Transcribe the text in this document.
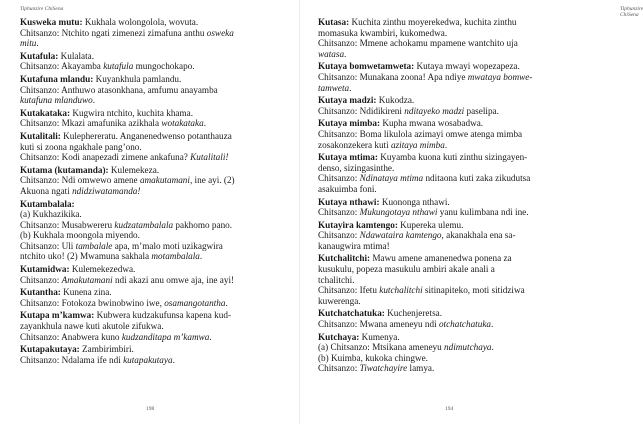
Tiphunzire ChiSena
Kusweka mutu: Kukhala wolongolola, wovuta.
Chitsanzo: Ntchito ngati zimenezi zimafuna anthu osweka
mitu.
Kutafula: Kulalata.
Chitsanzo: Akayamba kutafula mungochokapo.
Kutafuna mlandu: Kuyankhula pamlandu.
Chitsanzo: Anthuwo atasonkhana, amfumu anayamba
kutafuna mlanduwo.
Kutakataka: Kugwira ntchito, kuchita khama.
Chitsanzo: Mkazi amafunika azikhala wotakataka.
Kutalitali: Kulephereratu. Anganenedwenso potanthauza
kuti si zoona ngakhale pang’ono.
Chitsanzo: Kodi anapezadi zimene ankafuna? Kutalitali!
Kutama (kutamanda): Kulemekeza.
Chitsanzo: Ndi omwewo amene amakutamani, ine ayi. (2)
Akuona ngati ndidziwatamanda!
Kutambalala:
(a) Kukhazikika.
Chitsanzo: Musabwereru kudzatambalala pakhomo pano.
(b) Kukhala moongola miyendo.
Chitsanzo: Uli tambalale apa, m’malo moti uzikagwira
ntchito uko! (2) Mwamuna sakhala motambalala.
Kutamidwa: Kulemekezedwa.
Chitsanzo: Amakutamani ndi akazi anu omwe aja, ine ayi!
Kutantha: Kunena zina.
Chitsanzo: Fotokoza bwinobwino iwe, osamangotantha.
Kutapa m’kamwa: Kubwera kudzakufunsa kapena kud-
zayankhula nawe kuti akutole zifukwa.
Chitsanzo: Anabwera kuno kudzanditapa m’kamwa.
Kutapakutaya: Zambirimbiri.
Chitsanzo: Ndalama ife ndi kutapakutaya.
198
Tiphunzire ChiSena
Kutasa: Kuchita zinthu moyerekedwa, kuchita zinthu
momasuka kwambiri, kukomedwa.
Chitsanzo: Mmene achokamu mpamene wantchito uja
watasa.
Kutaya bomwetamweta: Kutaya mwayi wopezapeza.
Chitsanzo: Munakana zoona! Apa ndiye mwataya bomwe-
tamweta.
Kutaya madzi: Kukodza.
Chitsanzo: Ndidikireni nditayeko madzi paselipa.
Kutaya mimba: Kupha mwana wosabadwa.
Chitsanzo: Boma likulola azimayi omwe atenga mimba
zosakonzekera kuti azitaya mimba.
Kutaya mtima: Kuyamba kuona kuti zinthu sizingayen-
denso, sizingasinthe.
Chitsanzo: Ndinataya mtima nditaona kuti zaka zikudutsa
asakuimba foni.
Kutaya nthawi: Kuononga nthawi.
Chitsanzo: Mukungotaya nthawi yanu kulimbana ndi ine.
Kutayira kamtengo: Kupereka ulemu.
Chitsanzo: Ndawataira kamtengo, akanakhala ena sa-
kanaugwira mtima!
Kutchalitchi: Mawu amene amanenedwa ponena za
kusukulu, popeza masukulu ambiri akale anali a
tchalitchi.
Chitsanzo: Ifetu kutchalitchi sitinapiteko, moti sitidziwa
kuwerenga.
Kutchatchatuka: Kuchenjeretsa.
Chitsanzo: Mwana ameneyu ndi otchatchatuka.
Kutchaya: Kumenya.
(a) Chitsanzo: Mtsikana ameneyu ndimutchaya.
(b) Kuimba, kukoka chingwe.
Chitsanzo: Tiwatchayire lamya.
194
